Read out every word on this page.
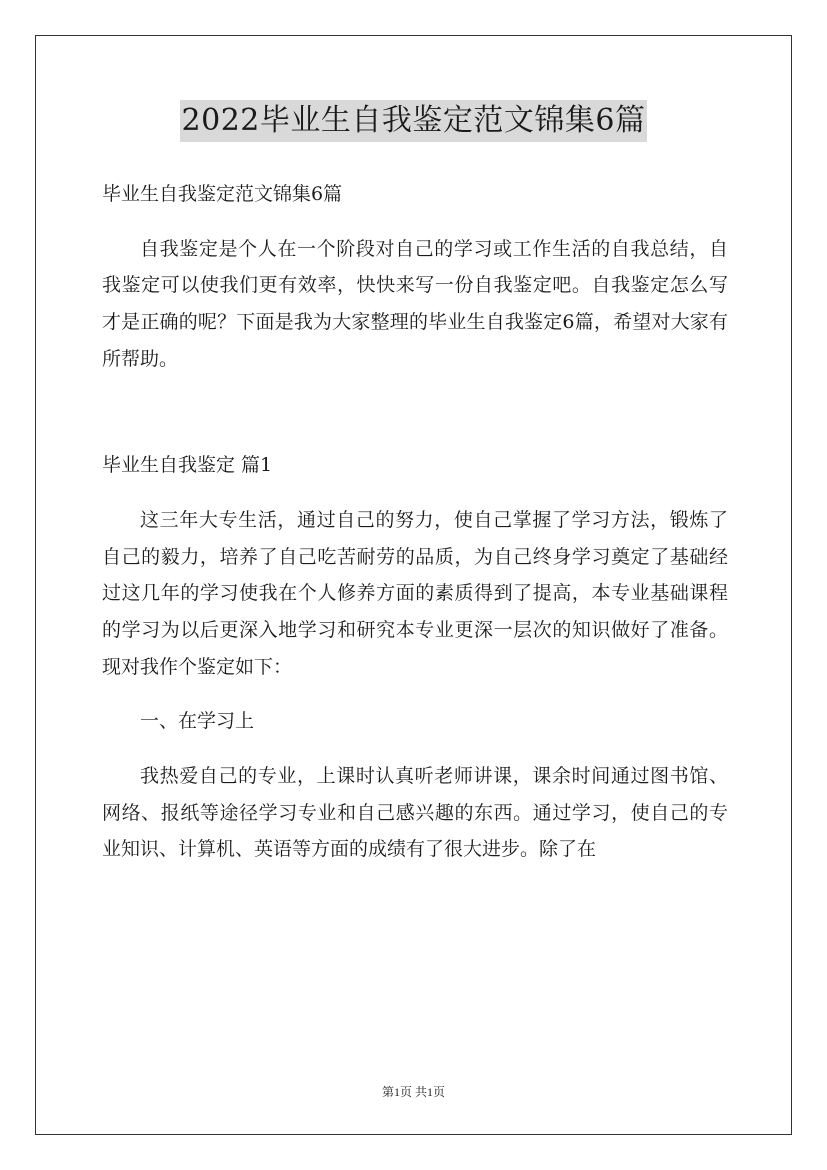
2022毕业生自我鉴定范文锦集6篇

毕业生自我鉴定范文锦集6篇

自我鉴定是个人在一个阶段对自己的学习或工作生活的自我总结，自我鉴定可以使我们更有效率，快快来写一份自我鉴定吧。自我鉴定怎么写才是正确的呢？下面是我为大家整理的毕业生自我鉴定6篇，希望对大家有所帮助。

毕业生自我鉴定 篇1

这三年大专生活，通过自己的努力，使自己掌握了学习方法，锻炼了自己的毅力，培养了自己吃苦耐劳的品质，为自己终身学习奠定了基础经过这几年的学习使我在个人修养方面的素质得到了提高，本专业基础课程的学习为以后更深入地学习和研究本专业更深一层次的知识做好了准备。现对我作个鉴定如下：

一、在学习上

我热爱自己的专业，上课时认真听老师讲课，课余时间通过图书馆、网络、报纸等途径学习专业和自己感兴趣的东西。通过学习，使自己的专业知识、计算机、英语等方面的成绩有了很大进步。除了在

第1页 共1页
